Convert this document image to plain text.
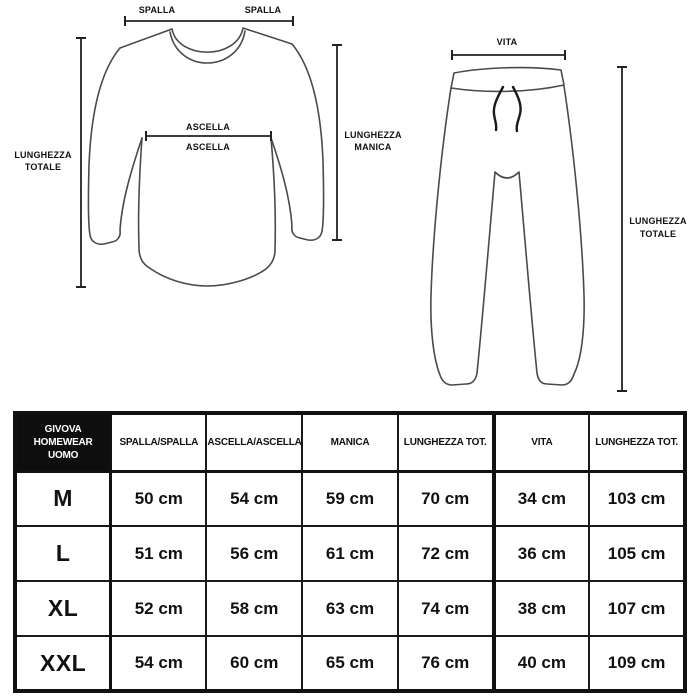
SPALLA	SPALLA
LUNGHEZZA
TOTALE
ASCELLA
ASCELLA
LUNGHEZZA
MANICA
VITA
LUNGHEZZA
TOTALE
GIVOVA
HOMEWEAR
UOMO	SPALLA/SPALLA	ASCELLA/ASCELLA	MANICA	LUNGHEZZA TOT.	VITA	LUNGHEZZA TOT.
M	50 cm	54 cm	59 cm	70 cm	34 cm	103 cm
L	51 cm	56 cm	61 cm	72 cm	36 cm	105 cm
XL	52 cm	58 cm	63 cm	74 cm	38 cm	107 cm
XXL	54 cm	60 cm	65 cm	76 cm	40 cm	109 cm
